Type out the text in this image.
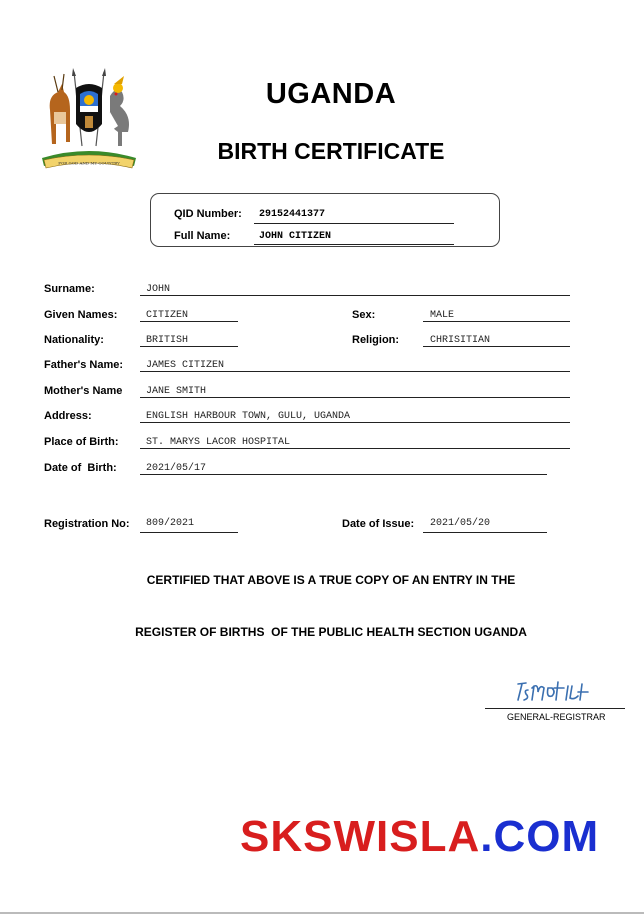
FOR GOD AND MY COUNTRY
UGANDA
BIRTH CERTIFICATE
QID Number: 29152441377
Full Name:	JOHN CITIZEN
Surname:	JOHN
Given Names:	CITIZEN	Sex:	MALE
Nationality:	BRITISH	Religion:	CHRISITIAN
Father's Name: JAMES CITIZEN
Mother's Name JANE SMITH
Address:	ENGLISH HARBOUR TOWN, GULU, UGANDA
Place of Birth:	ST. MARYS LACOR HOSPITAL
Date of  Birth:	2021/05/17
Registration No: 809/2021	Date of Issue: 2021/05/20
CERTIFIED THAT ABOVE IS A TRUE COPY OF AN ENTRY IN THE
REGISTER OF BIRTHS  OF THE PUBLIC HEALTH SECTION UGANDA
GENERAL-REGISTRAR
SKSWISLA.COM
